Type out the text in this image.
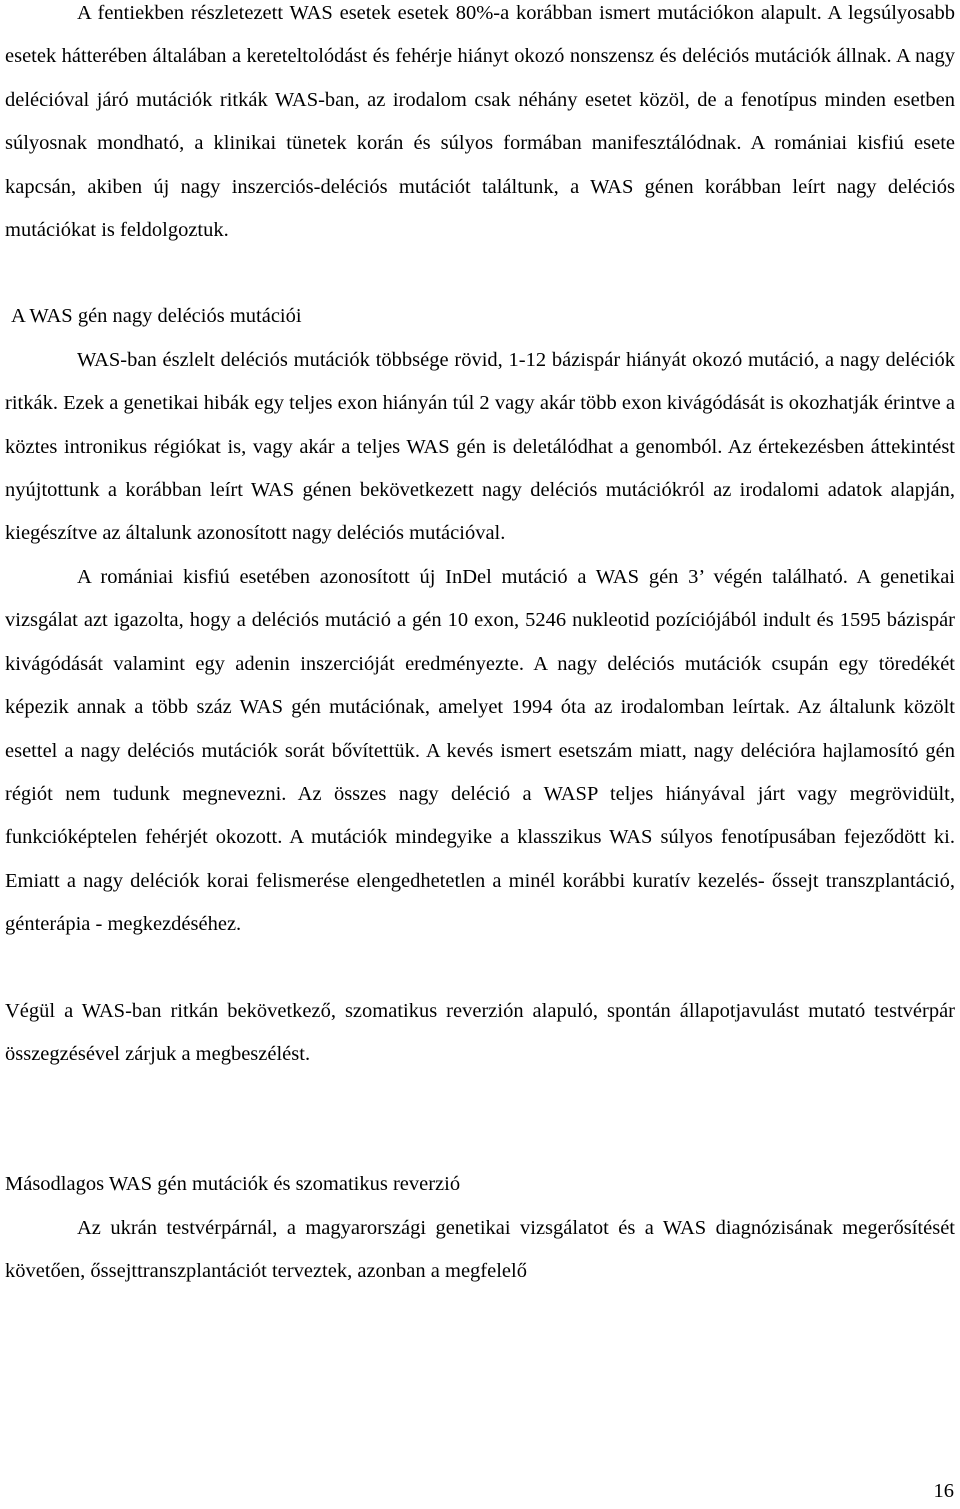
A fentiekben részletezett WAS esetek esetek 80%-a korábban ismert mutációkon alapult. A legsúlyosabb esetek hátterében általában a kereteltolódást és fehérje hiányt okozó nonszensz és deléciós mutációk állnak. A nagy delécióval járó mutációk ritkák WAS-ban, az irodalom csak néhány esetet közöl, de a fenotípus minden esetben súlyosnak mondható, a klinikai tünetek korán és súlyos formában manifesztálódnak. A romániai kisfiú esete kapcsán, akiben új nagy inszerciós-deléciós mutációt találtunk, a WAS génen korábban leírt nagy deléciós mutációkat is feldolgoztuk.

A WAS gén nagy deléciós mutációi

WAS-ban észlelt deléciós mutációk többsége rövid, 1-12 bázispár hiányát okozó mutáció, a nagy deléciók ritkák. Ezek a genetikai hibák egy teljes exon hiányán túl 2 vagy akár több exon kivágódását is okozhatják érintve a köztes intronikus régiókat is, vagy akár a teljes WAS gén is deletálódhat a genomból. Az értekezésben áttekintést nyújtottunk a korábban leírt WAS génen bekövetkezett nagy deléciós mutációkról az irodalomi adatok alapján, kiegészítve az általunk azonosított nagy deléciós mutációval.

A romániai kisfiú esetében azonosított új InDel mutáció a WAS gén 3’ végén található. A genetikai vizsgálat azt igazolta, hogy a deléciós mutáció a gén 10 exon, 5246 nukleotid pozíciójából indult és 1595 bázispár kivágódását valamint egy adenin inszercióját eredményezte. A nagy deléciós mutációk csupán egy töredékét képezik annak a több száz WAS gén mutációnak, amelyet 1994 óta az irodalomban leírtak. Az általunk közölt esettel a nagy deléciós mutációk sorát bővítettük. A kevés ismert esetszám miatt, nagy delécióra hajlamosító gén régiót nem tudunk megnevezni. Az összes nagy deléció a WASP teljes hiányával járt vagy megrövidült, funkcióképtelen fehérjét okozott. A mutációk mindegyike a klasszikus WAS súlyos fenotípusában fejeződött ki. Emiatt a nagy deléciók korai felismerése elengedhetetlen a minél korábbi kuratív kezelés- őssejt transzplantáció, génterápia - megkezdéséhez.

Végül a WAS-ban ritkán bekövetkező, szomatikus reverzión alapuló, spontán állapotjavulást mutató testvérpár összegzésével zárjuk a megbeszélést.

Másodlagos WAS gén mutációk és szomatikus reverzió

Az ukrán testvérpárnál, a magyarországi genetikai vizsgálatot és a WAS diagnózisának megerősítését követően, őssejttranszplantációt terveztek, azonban a megfelelő

16
